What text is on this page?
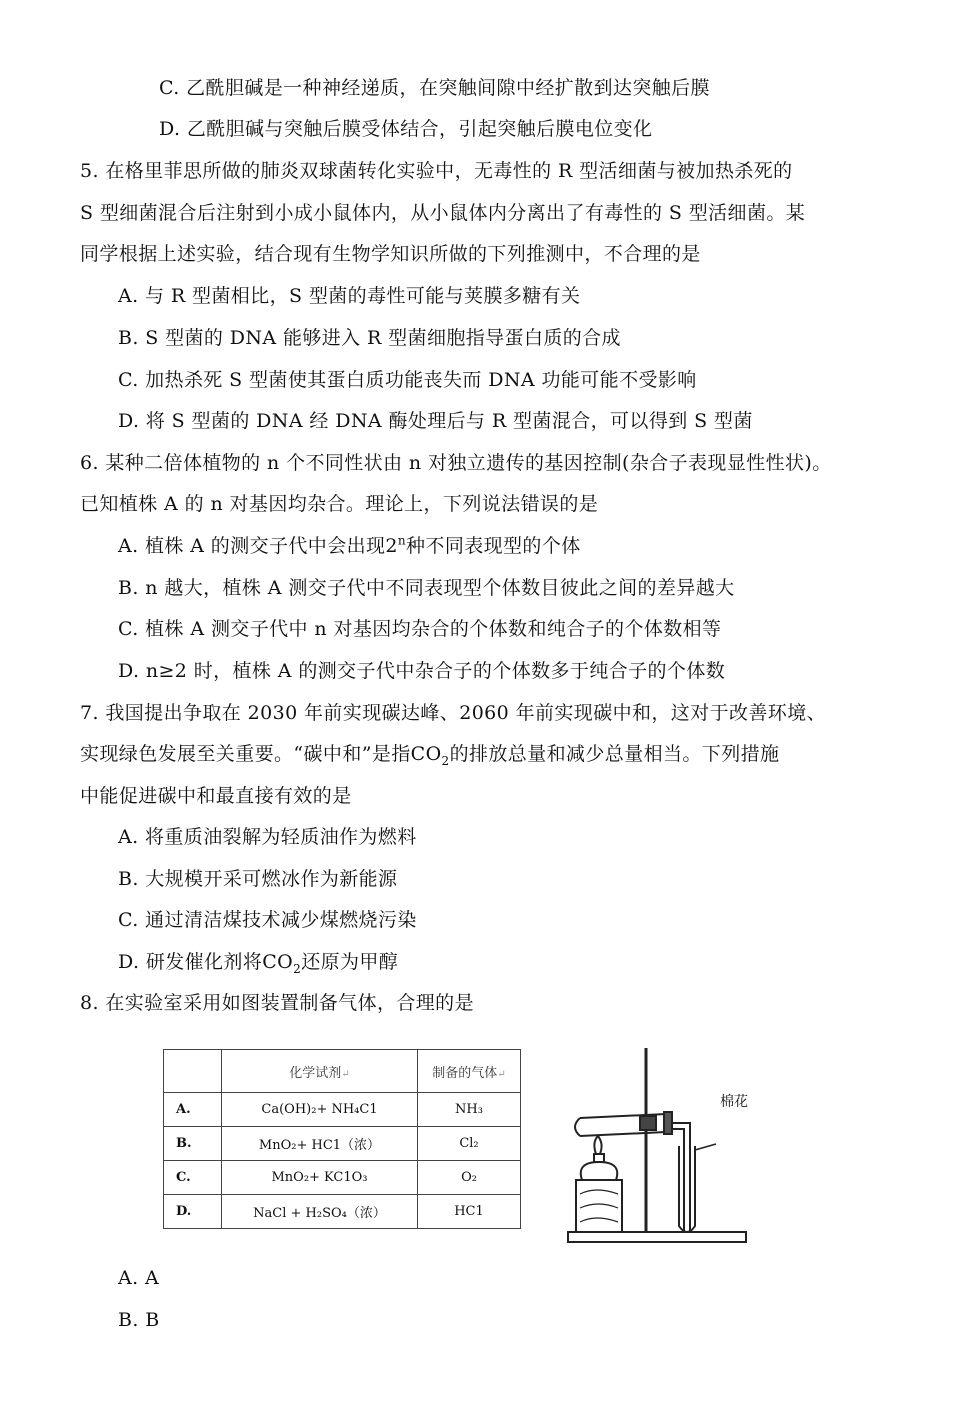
C. 乙酰胆碱是一种神经递质，在突触间隙中经扩散到达突触后膜
D. 乙酰胆碱与突触后膜受体结合，引起突触后膜电位变化
5. 在格里菲思所做的肺炎双球菌转化实验中，无毒性的 R 型活细菌与被加热杀死的
S 型细菌混合后注射到小成小鼠体内，从小鼠体内分离出了有毒性的 S 型活细菌。某
同学根据上述实验，结合现有生物学知识所做的下列推测中，不合理的是
A. 与 R 型菌相比，S 型菌的毒性可能与荚膜多糖有关
B. S 型菌的 DNA 能够进入 R 型菌细胞指导蛋白质的合成
C. 加热杀死 S 型菌使其蛋白质功能丧失而 DNA 功能可能不受影响
D. 将 S 型菌的 DNA 经 DNA 酶处理后与 R 型菌混合，可以得到 S 型菌
6. 某种二倍体植物的 n 个不同性状由 n 对独立遗传的基因控制(杂合子表现显性性状)。
已知植株 A 的 n 对基因均杂合。理论上，下列说法错误的是
A. 植株 A 的测交子代中会出现2$^n$种不同表现型的个体
B. n 越大，植株 A 测交子代中不同表现型个体数目彼此之间的差异越大
C. 植株 A 测交子代中 n 对基因均杂合的个体数和纯合子的个体数相等
D. n≥2 时，植株 A 的测交子代中杂合子的个体数多于纯合子的个体数
7. 我国提出争取在 2030 年前实现碳达峰、2060 年前实现碳中和，这对于改善环境、
实现绿色发展至关重要。“碳中和”是指$CO_2$的排放总量和减少总量相当。下列措施
中能促进碳中和最直接有效的是
A. 将重质油裂解为轻质油作为燃料
B. 大规模开采可燃冰作为新能源
C. 通过清洁煤技术减少煤燃烧污染
D. 研发催化剂将$CO_2$还原为甲醇
8. 在实验室采用如图装置制备气体，合理的是
	化学试剂↵	制备的气体↵
A.	Ca(OH)₂+ NH₄C1	NH₃
B.	MnO₂+ HC1（浓）	Cl₂
C.	MnO₂+ KC1O₃	O₂
D.	NaCl + H₂SO₄（浓）	HC1
棉花
A. A
B. B
